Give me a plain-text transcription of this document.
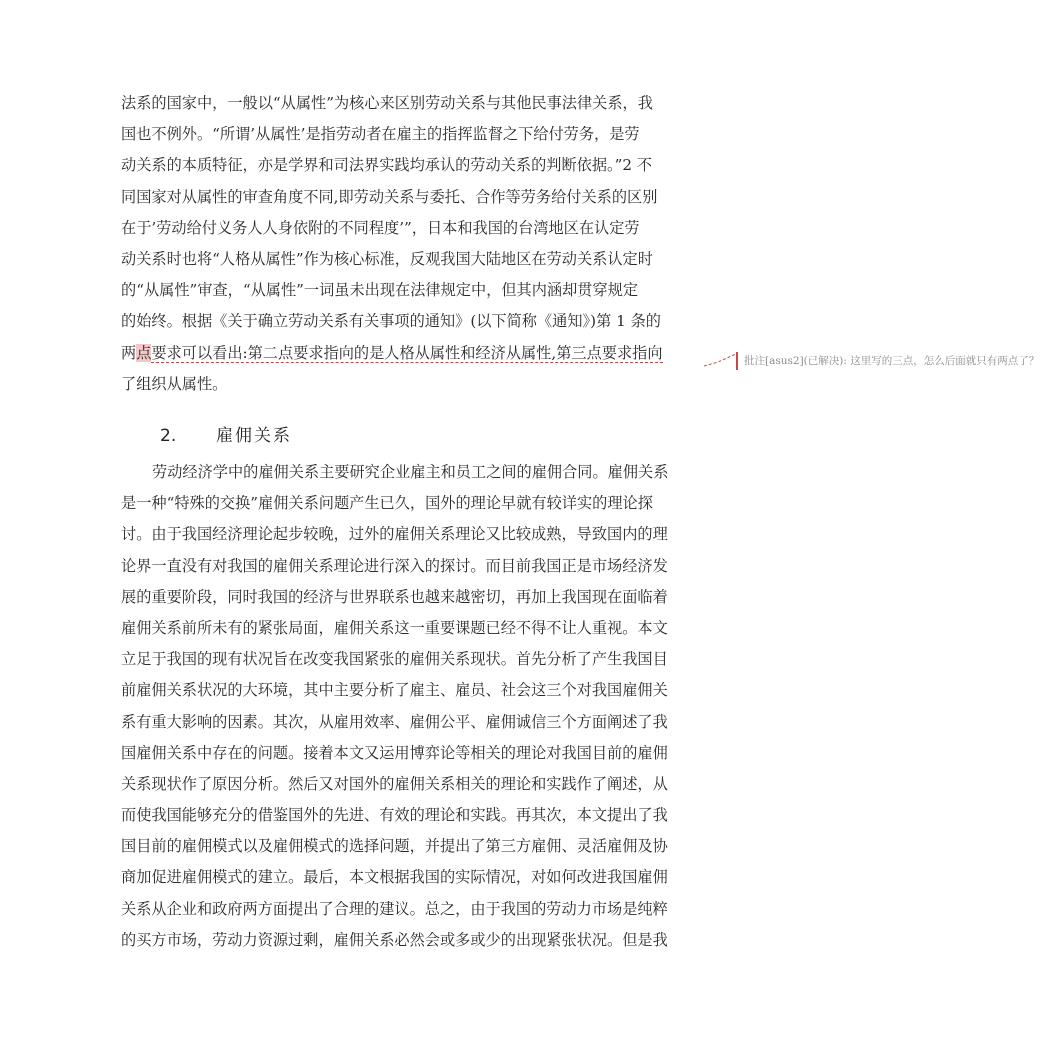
法系的国家中，一般以“从属性”为核心来区别劳动关系与其他民事法律关系，我
国也不例外。“所谓’从属性’是指劳动者在雇主的指挥监督之下给付劳务，是劳
动关系的本质特征，亦是学界和司法界实践均承认的劳动关系的判断依据。”2 不
同国家对从属性的审查角度不同,即劳动关系与委托、合作等劳务给付关系的区别
在于’劳动给付义务人人身依附的不同程度’”，日本和我国的台湾地区在认定劳
动关系时也将“人格从属性”作为核心标准，反观我国大陆地区在劳动关系认定时
的“从属性”审查，“从属性”一词虽未出现在法律规定中，但其内涵却贯穿规定
的始终。根据《关于确立劳动关系有关事项的通知》(以下简称《通知》)第 1 条的
两点要求可以看出:第二点要求指向的是人格从属性和经济从属性,第三点要求指向
了组织从属性。
2. 雇佣关系
劳动经济学中的雇佣关系主要研究企业雇主和员工之间的雇佣合同。雇佣关系
是一种“特殊的交换”雇佣关系问题产生已久，国外的理论早就有较详实的理论探
讨。由于我国经济理论起步较晚，过外的雇佣关系理论又比较成熟，导致国内的理
论界一直没有对我国的雇佣关系理论进行深入的探讨。而目前我国正是市场经济发
展的重要阶段，同时我国的经济与世界联系也越来越密切，再加上我国现在面临着
雇佣关系前所未有的紧张局面，雇佣关系这一重要课题已经不得不让人重视。本文
立足于我国的现有状况旨在改变我国紧张的雇佣关系现状。首先分析了产生我国目
前雇佣关系状况的大环境，其中主要分析了雇主、雇员、社会这三个对我国雇佣关
系有重大影响的因素。其次，从雇用效率、雇佣公平、雇佣诚信三个方面阐述了我
国雇佣关系中存在的问题。接着本文又运用博弈论等相关的理论对我国目前的雇佣
关系现状作了原因分析。然后又对国外的雇佣关系相关的理论和实践作了阐述，从
而使我国能够充分的借鉴国外的先进、有效的理论和实践。再其次，本文提出了我
国目前的雇佣模式以及雇佣模式的选择问题，并提出了第三方雇佣、灵活雇佣及协
商加促进雇佣模式的建立。最后，本文根据我国的实际情况，对如何改进我国雇佣
关系从企业和政府两方面提出了合理的建议。总之，由于我国的劳动力市场是纯粹
的买方市场，劳动力资源过剩，雇佣关系必然会或多或少的出现紧张状况。但是我
批注[asus2](已解决): 这里写的三点，怎么后面就只有两点了？
